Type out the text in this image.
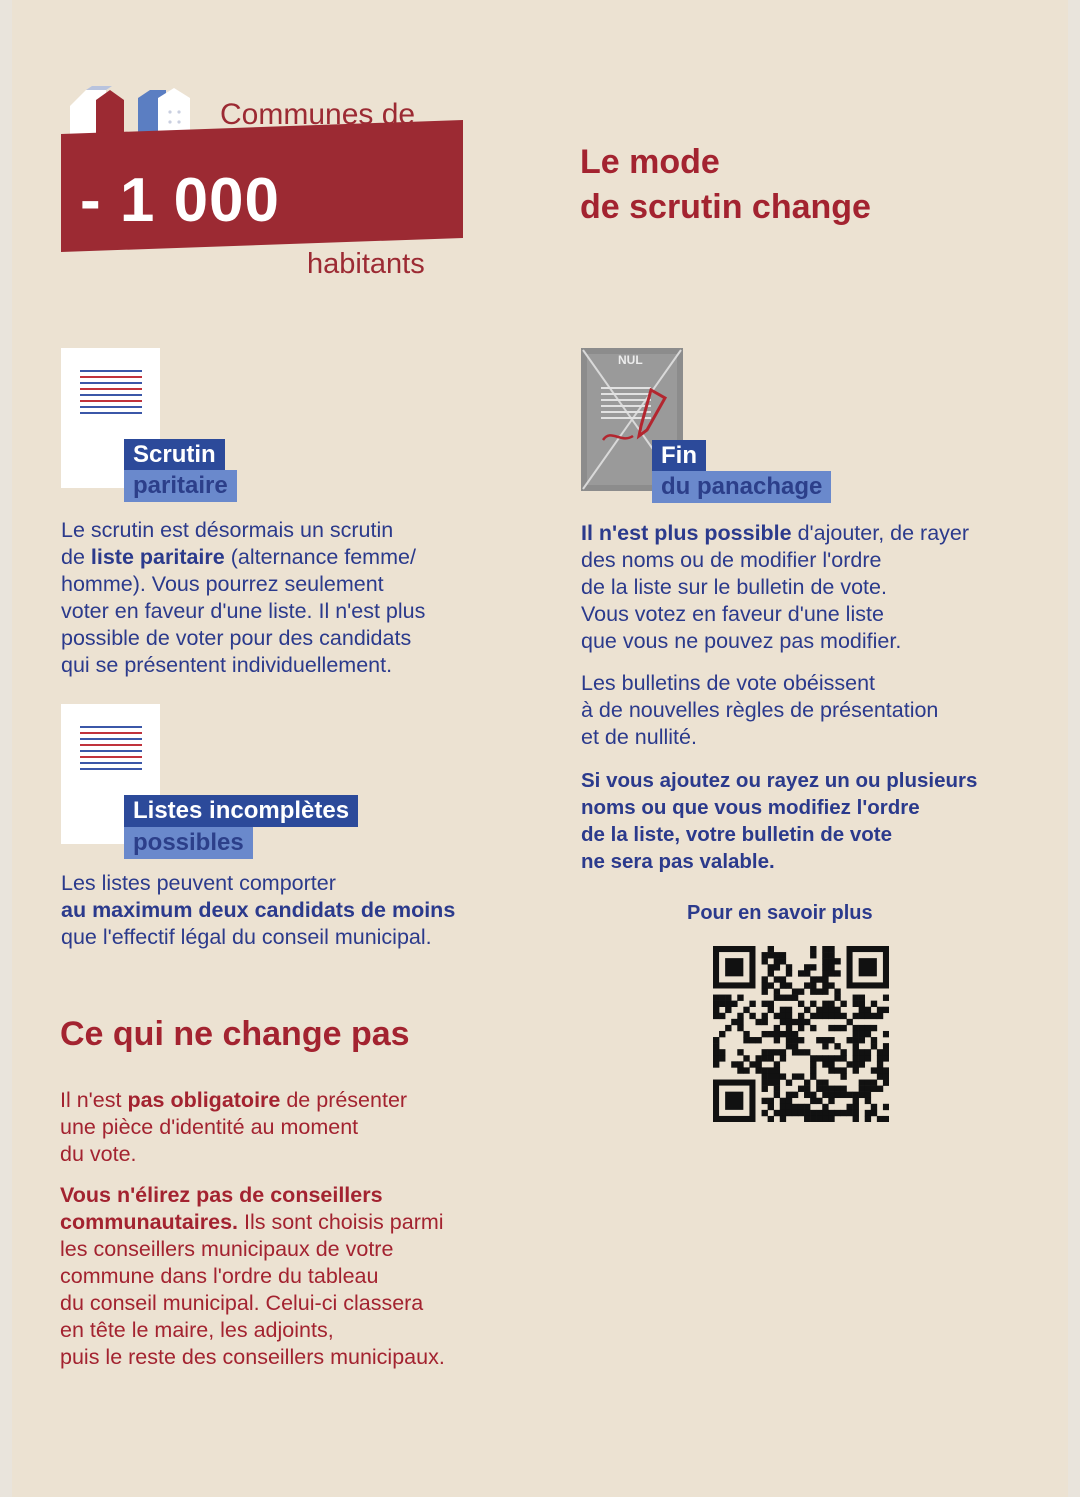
Communes de
- 1 000
habitants
Le mode
de scrutin change
Scrutin
paritaire
Le scrutin est désormais un scrutin
de liste paritaire (alternance femme/
homme). Vous pourrez seulement
voter en faveur d'une liste. Il n'est plus
possible de voter pour des candidats
qui se présentent individuellement.
Listes incomplètes
possibles
Les listes peuvent comporter
au maximum deux candidats de moins
que l'effectif légal du conseil municipal.
NUL
Fin
du panachage
Il n'est plus possible d'ajouter, de rayer
des noms ou de modifier l'ordre
de la liste sur le bulletin de vote.
Vous votez en faveur d'une liste
que vous ne pouvez pas modifier.
Les bulletins de vote obéissent
à de nouvelles règles de présentation
et de nullité.
Si vous ajoutez ou rayez un ou plusieurs
noms ou que vous modifiez l'ordre
de la liste, votre bulletin de vote
ne sera pas valable.
Pour en savoir plus
Ce qui ne change pas
Il n'est pas obligatoire de présenter
une pièce d'identité au moment
du vote.
Vous n'élirez pas de conseillers
communautaires. Ils sont choisis parmi
les conseillers municipaux de votre
commune dans l'ordre du tableau
du conseil municipal. Celui-ci classera
en tête le maire, les adjoints,
puis le reste des conseillers municipaux.
